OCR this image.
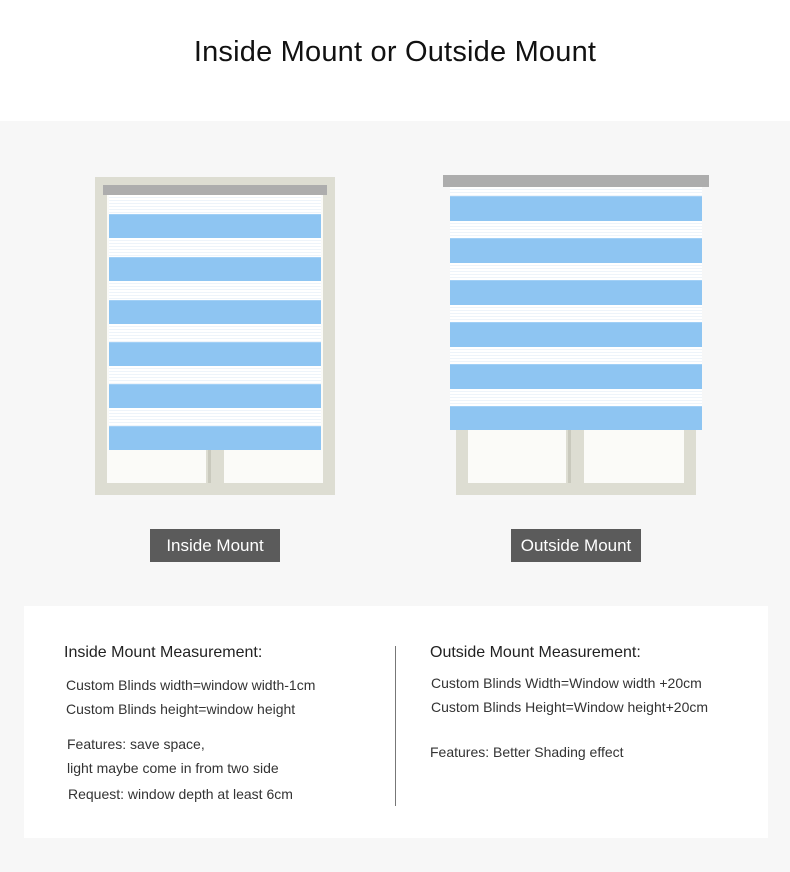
Inside Mount or Outside Mount
Inside Mount	Outside Mount
Inside Mount Measurement:
Custom Blinds width=window width-1cm
Custom Blinds height=window height
Features: save space,
light maybe come in from two side
Request: window depth at least 6cm
Outside Mount Measurement:
Custom Blinds Width=Window width +20cm
Custom Blinds Height=Window height+20cm
Features: Better Shading effect
